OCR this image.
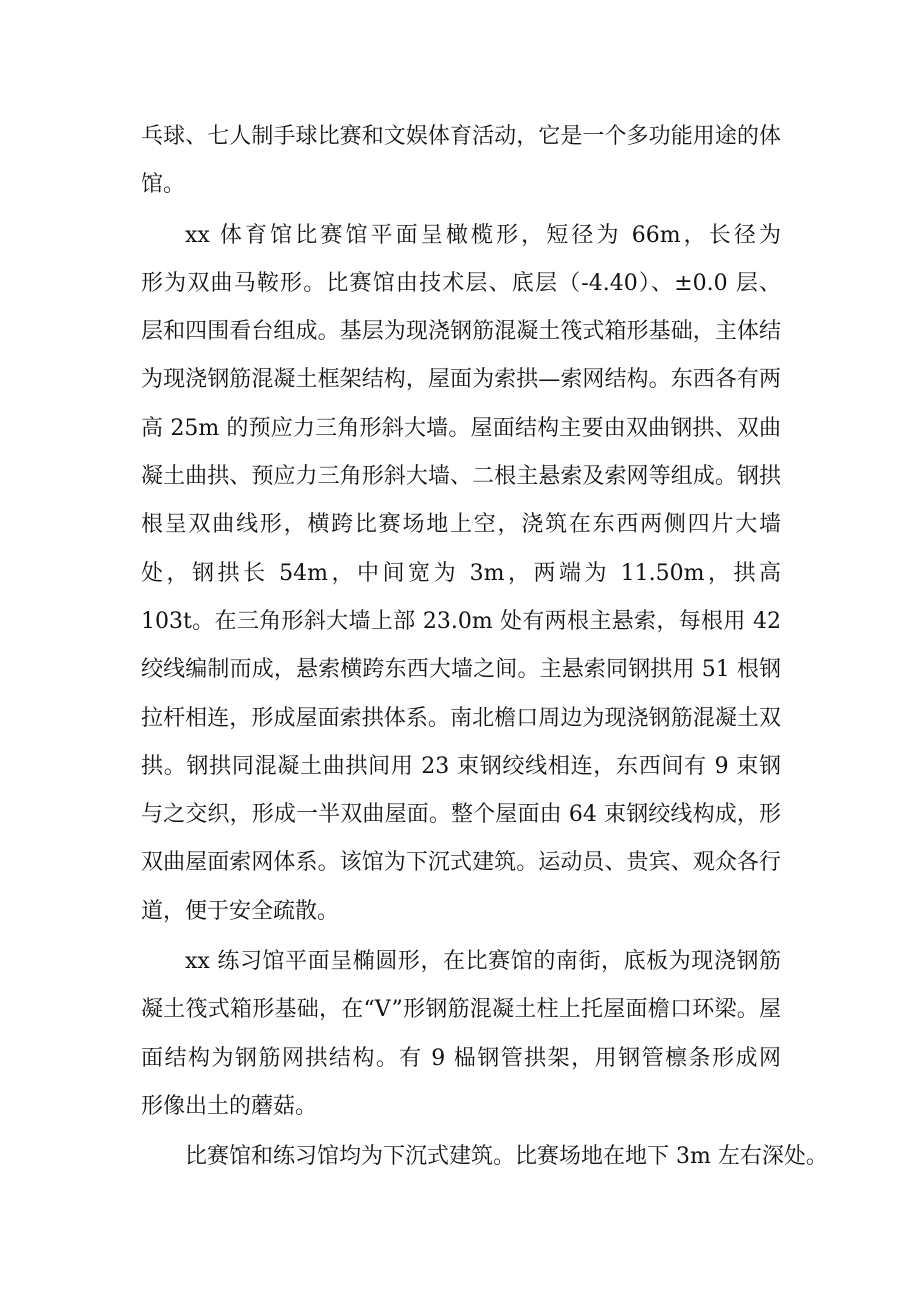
乓球、七人制手球比赛和文娱体育活动，它是一个多功能用途的体
馆。
xx 体育馆比赛馆平面呈橄榄形，短径为 66m，长径为
形为双曲马鞍形。比赛馆由技术层、底层（-4.40）、±0.0 层、
层和四围看台组成。基层为现浇钢筋混凝土筏式箱形基础，主体结
为现浇钢筋混凝土框架结构，屋面为索拱—索网结构。东西各有两
高 25m 的预应力三角形斜大墙。屋面结构主要由双曲钢拱、双曲
凝土曲拱、预应力三角形斜大墙、二根主悬索及索网等组成。钢拱
根呈双曲线形，横跨比赛场地上空，浇筑在东西两侧四片大墙
处，钢拱长 54m，中间宽为 3m，两端为 11.50m，拱高
103t。在三角形斜大墙上部 23.0m 处有两根主悬索，每根用 42
绞线编制而成，悬索横跨东西大墙之间。主悬索同钢拱用 51 根钢
拉杆相连，形成屋面索拱体系。南北檐口周边为现浇钢筋混凝土双
拱。钢拱同混凝土曲拱间用 23 束钢绞线相连，东西间有 9 束钢
与之交织，形成一半双曲屋面。整个屋面由 64 束钢绞线构成，形
双曲屋面索网体系。该馆为下沉式建筑。运动员、贵宾、观众各行
道，便于安全疏散。
xx 练习馆平面呈椭圆形，在比赛馆的南街，底板为现浇钢筋
凝土筏式箱形基础，在“V”形钢筋混凝土柱上托屋面檐口环梁。屋
面结构为钢筋网拱结构。有 9 榀钢管拱架，用钢管檩条形成网
形像出土的蘑菇。
比赛馆和练习馆均为下沉式建筑。比赛场地在地下 3m 左右深处。
